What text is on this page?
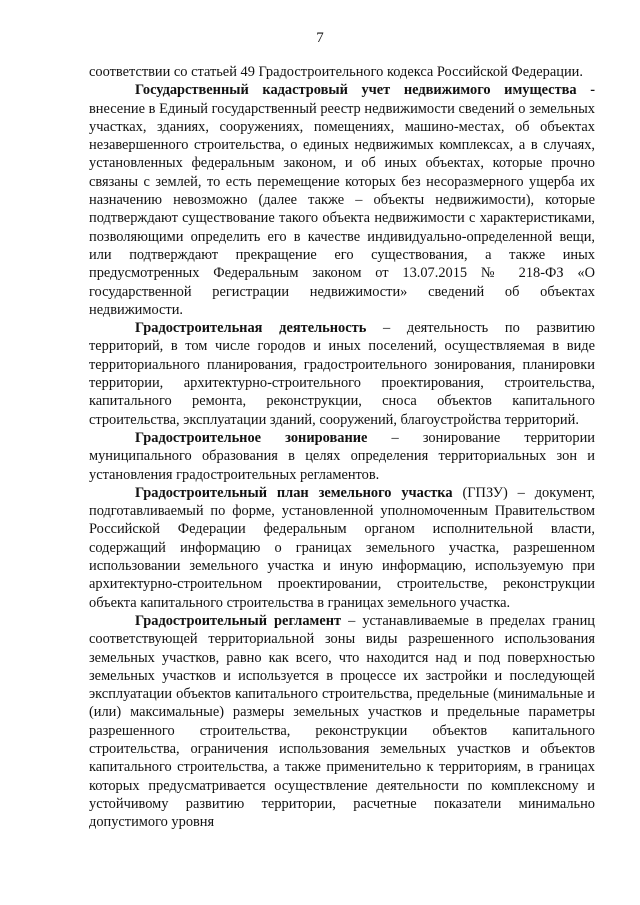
7

соответствии со статьей 49 Градостроительного кодекса Российской Федерации.

Государственный кадастровый учет недвижимого имущества - внесение в Единый государственный реестр недвижимости сведений о земельных участках, зданиях, сооружениях, помещениях, машино-местах, об объектах незавершенного строительства, о единых недвижимых комплексах, а в случаях, установленных федеральным законом, и об иных объектах, которые прочно связаны с землей, то есть перемещение которых без несоразмерного ущерба их назначению невозможно (далее также – объекты недвижимости), которые подтверждают существование такого объекта недвижимости с характеристиками, позволяющими определить его в качестве индивидуально-определенной вещи, или подтверждают прекращение его существования, а также иных предусмотренных Федеральным законом от 13.07.2015 № 218-ФЗ «О государственной регистрации недвижимости» сведений об объектах недвижимости.

Градостроительная деятельность – деятельность по развитию территорий, в том числе городов и иных поселений, осуществляемая в виде территориального планирования, градостроительного зонирования, планировки территории, архитектурно-строительного проектирования, строительства, капитального ремонта, реконструкции, сноса объектов капитального строительства, эксплуатации зданий, сооружений, благоустройства территорий.

Градостроительное зонирование – зонирование территории муниципального образования в целях определения территориальных зон и установления градостроительных регламентов.

Градостроительный план земельного участка (ГПЗУ) – документ, подготавливаемый по форме, установленной уполномоченным Правительством Российской Федерации федеральным органом исполнительной власти, содержащий информацию о границах земельного участка, разрешенном использовании земельного участка и иную информацию, используемую при архитектурно-строительном проектировании, строительстве, реконструкции объекта капитального строительства в границах земельного участка.

Градостроительный регламент – устанавливаемые в пределах границ соответствующей территориальной зоны виды разрешенного использования земельных участков, равно как всего, что находится над и под поверхностью земельных участков и используется в процессе их застройки и последующей эксплуатации объектов капитального строительства, предельные (минимальные и (или) максимальные) размеры земельных участков и предельные параметры разрешенного строительства, реконструкции объектов капитального строительства, ограничения использования земельных участков и объектов капитального строительства, а также применительно к территориям, в границах которых предусматривается осуществление деятельности по комплексному и устойчивому развитию территории, расчетные показатели минимально допустимого уровня
